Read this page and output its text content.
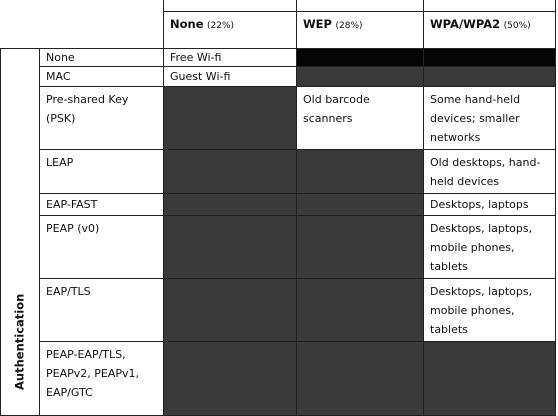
		None (22%)	WEP (28%)	WPA/WPA2 (50%)

Authentication	None	Free Wi-fi		
	MAC	Guest Wi-fi		
	Pre-shared Key (PSK)		Old barcode scanners	Some hand-held devices; smaller networks
	LEAP			Old desktops, hand-held devices
	EAP-FAST			Desktops, laptops
	PEAP (v0)			Desktops, laptops, mobile phones, tablets
	EAP/TLS			Desktops, laptops, mobile phones, tablets
	PEAP-EAP/TLS, PEAPv2, PEAPv1, EAP/GTC			
